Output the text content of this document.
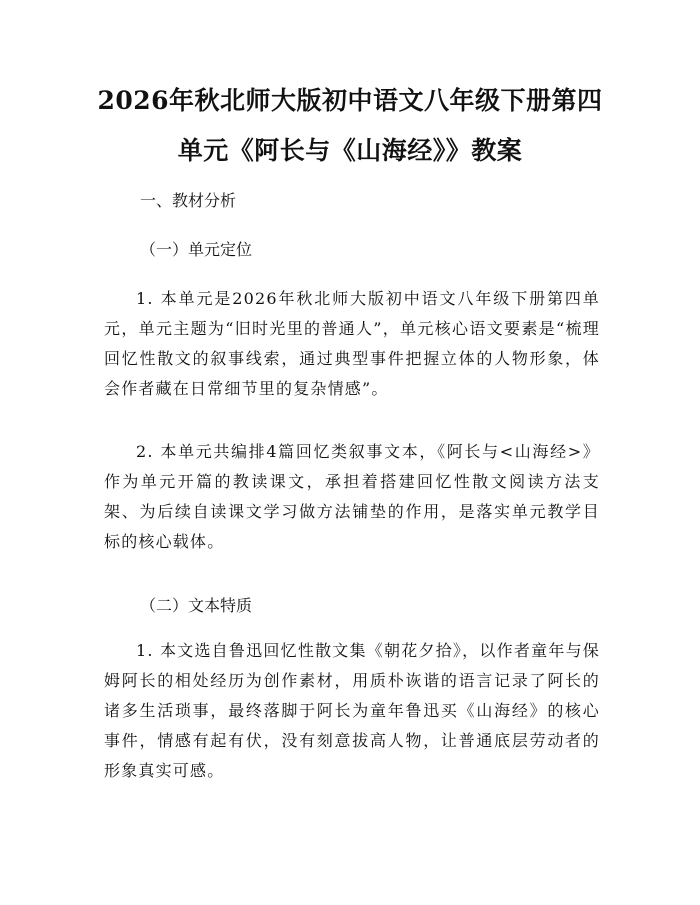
2026年秋北师大版初中语文八年级下册第四
单元《阿长与《山海经》》教案
一、教材分析
（一）单元定位

1. 本单元是2026年秋北师大版初中语文八年级下册第四单元，单元主题为“旧时光里的普通人”，单元核心语文要素是“梳理回忆性散文的叙事线索，通过典型事件把握立体的人物形象，体会作者藏在日常细节里的复杂情感”。

2. 本单元共编排4篇回忆类叙事文本，《阿长与<山海经>》作为单元开篇的教读课文，承担着搭建回忆性散文阅读方法支架、为后续自读课文学习做方法铺垫的作用，是落实单元教学目标的核心载体。

（二）文本特质

1. 本文选自鲁迅回忆性散文集《朝花夕拾》，以作者童年与保姆阿长的相处经历为创作素材，用质朴诙谐的语言记录了阿长的诸多生活琐事，最终落脚于阿长为童年鲁迅买《山海经》的核心事件，情感有起有伏，没有刻意拔高人物，让普通底层劳动者的形象真实可感。
